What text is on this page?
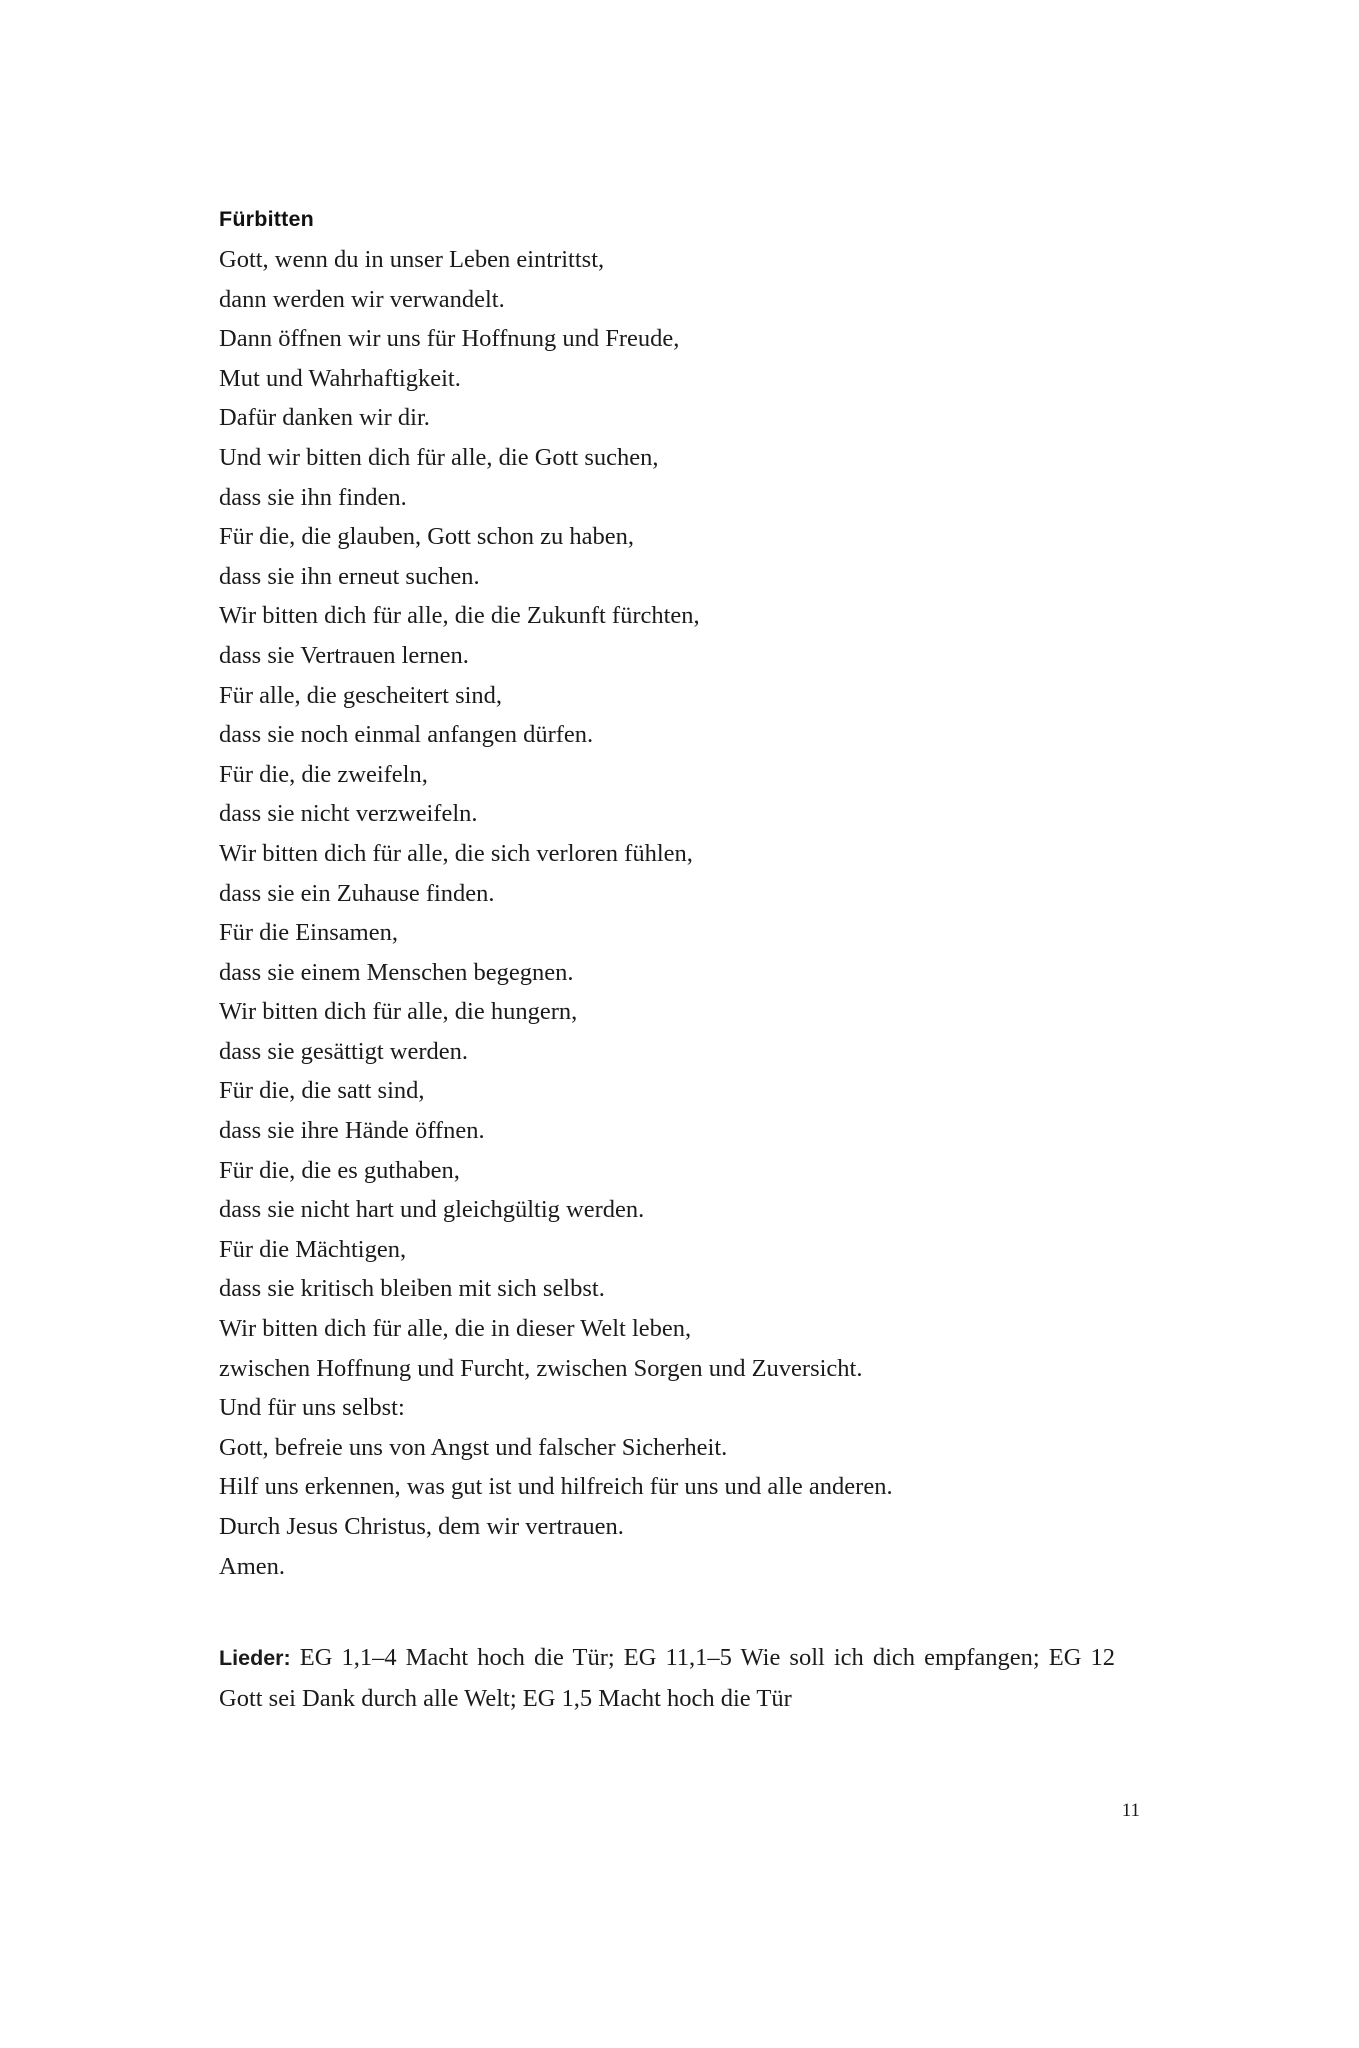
Fürbitten
Gott, wenn du in unser Leben eintrittst,
dann werden wir verwandelt.
Dann öffnen wir uns für Hoffnung und Freude,
Mut und Wahrhaftigkeit.
Dafür danken wir dir.
Und wir bitten dich für alle, die Gott suchen,
dass sie ihn finden.
Für die, die glauben, Gott schon zu haben,
dass sie ihn erneut suchen.
Wir bitten dich für alle, die die Zukunft fürchten,
dass sie Vertrauen lernen.
Für alle, die gescheitert sind,
dass sie noch einmal anfangen dürfen.
Für die, die zweifeln,
dass sie nicht verzweifeln.
Wir bitten dich für alle, die sich verloren fühlen,
dass sie ein Zuhause finden.
Für die Einsamen,
dass sie einem Menschen begegnen.
Wir bitten dich für alle, die hungern,
dass sie gesättigt werden.
Für die, die satt sind,
dass sie ihre Hände öffnen.
Für die, die es guthaben,
dass sie nicht hart und gleichgültig werden.
Für die Mächtigen,
dass sie kritisch bleiben mit sich selbst.
Wir bitten dich für alle, die in dieser Welt leben,
zwischen Hoffnung und Furcht, zwischen Sorgen und Zuversicht.
Und für uns selbst:
Gott, befreie uns von Angst und falscher Sicherheit.
Hilf uns erkennen, was gut ist und hilfreich für uns und alle anderen.
Durch Jesus Christus, dem wir vertrauen.
Amen.

Lieder: EG 1,1–4 Macht hoch die Tür; EG 11,1–5 Wie soll ich dich empfangen; EG 12 Gott sei Dank durch alle Welt; EG 1,5 Macht hoch die Tür

11
